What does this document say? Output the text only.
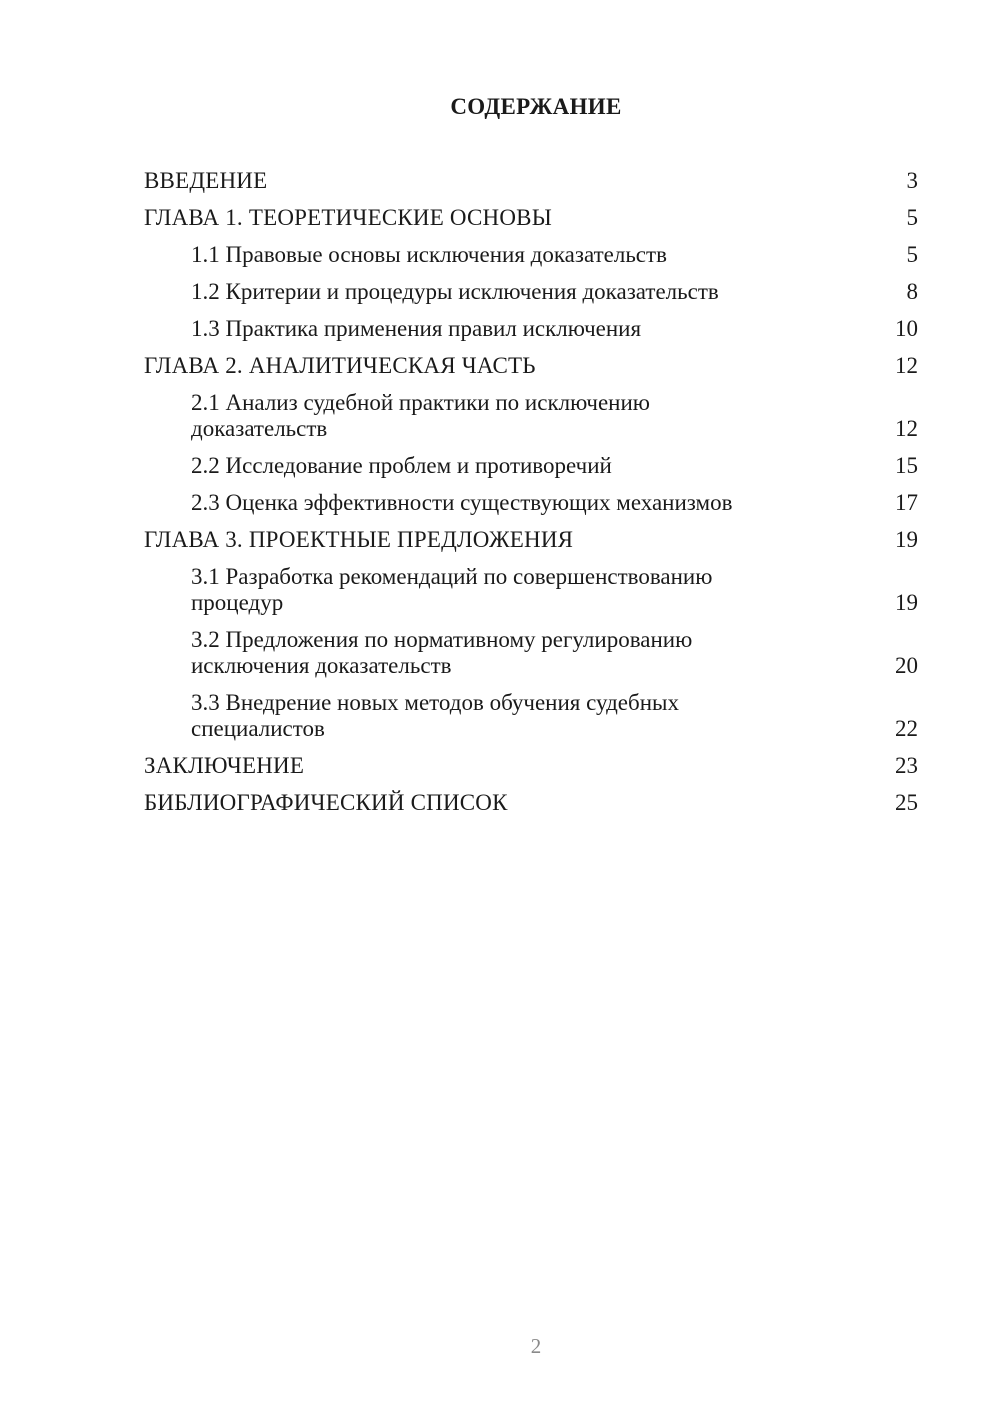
СОДЕРЖАНИЕ
ВВЕДЕНИЕ	3
ГЛАВА 1. ТЕОРЕТИЧЕСКИЕ ОСНОВЫ	5
1.1 Правовые основы исключения доказательств	5
1.2 Критерии и процедуры исключения доказательств	8
1.3 Практика применения правил исключения	10
ГЛАВА 2. АНАЛИТИЧЕСКАЯ ЧАСТЬ	12
2.1 Анализ судебной практики по исключению доказательств	12
2.2 Исследование проблем и противоречий	15
2.3 Оценка эффективности существующих механизмов	17
ГЛАВА 3. ПРОЕКТНЫЕ ПРЕДЛОЖЕНИЯ	19
3.1 Разработка рекомендаций по совершенствованию процедур	19
3.2 Предложения по нормативному регулированию исключения доказательств	20
3.3 Внедрение новых методов обучения судебных специалистов	22
ЗАКЛЮЧЕНИЕ	23
БИБЛИОГРАФИЧЕСКИЙ СПИСОК	25
2
